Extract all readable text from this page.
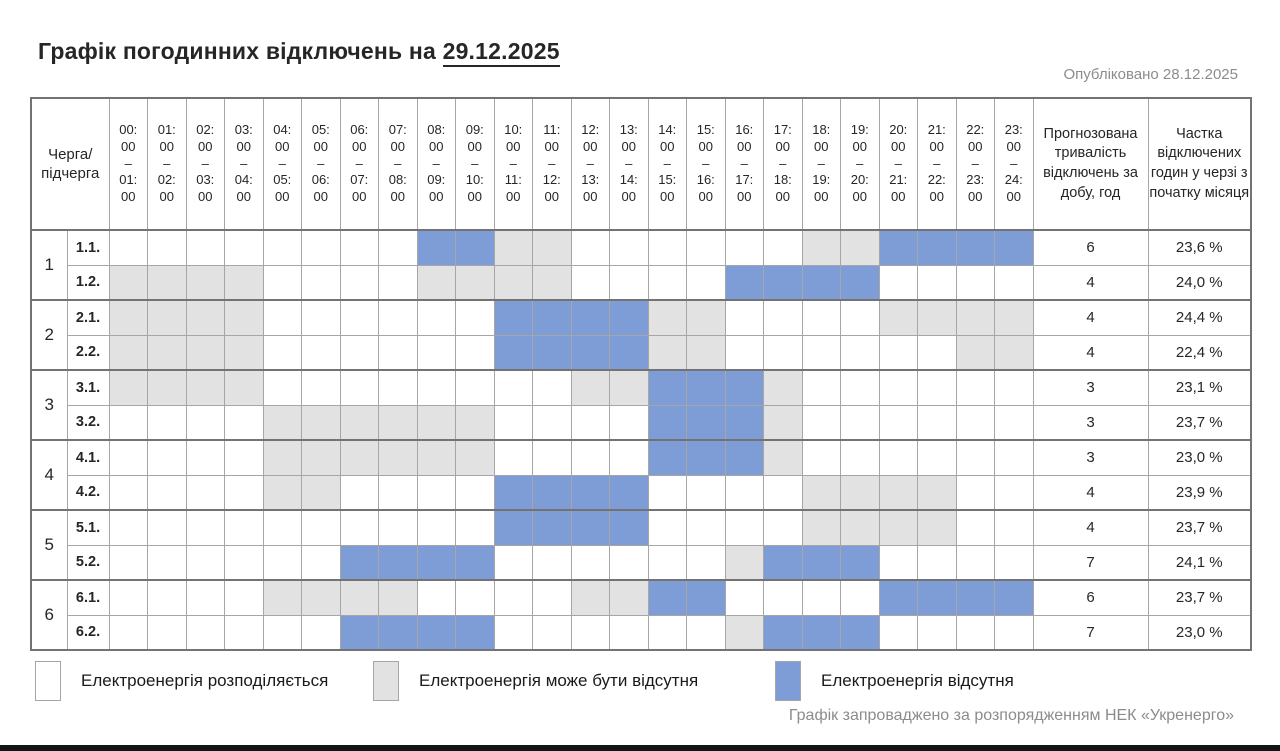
Графік погодинних відключень на 29.12.2025
Опубліковано 28.12.2025
Черга/
підчерга		00:
00
–
01:
00	01:
00
–
02:
00	02:
00
–
03:
00	03:
00
–
04:
00	04:
00
–
05:
00	05:
00
–
06:
00	06:
00
–
07:
00	07:
00
–
08:
00	08:
00
–
09:
00	09:
00
–
10:
00	10:
00
–
11:
00	11:
00
–
12:
00	12:
00
–
13:
00	13:
00
–
14:
00	14:
00
–
15:
00	15:
00
–
16:
00	16:
00
–
17:
00	17:
00
–
18:
00	18:
00
–
19:
00	19:
00
–
20:
00	20:
00
–
21:
00	21:
00
–
22:
00	22:
00
–
23:
00	23:
00
–
24:
00	Прогнозована тривалість відключень за добу, год	Частка відключених годин у черзі з початку місяця
1	1.1.																									6	23,6 %
	1.2.																									4	24,0 %
2	2.1.																									4	24,4 %
	2.2.																									4	22,4 %
3	3.1.																									3	23,1 %
	3.2.																									3	23,7 %
4	4.1.																									3	23,0 %
	4.2.																									4	23,9 %
5	5.1.																									4	23,7 %
	5.2.																									7	24,1 %
6	6.1.																									6	23,7 %
	6.2.																									7	23,0 %
Електроенергія розподіляється	Електроенергія може бути відсутня	Електроенергія відсутня
Графік запроваджено за розпорядженням НЕК «Укренерго»
